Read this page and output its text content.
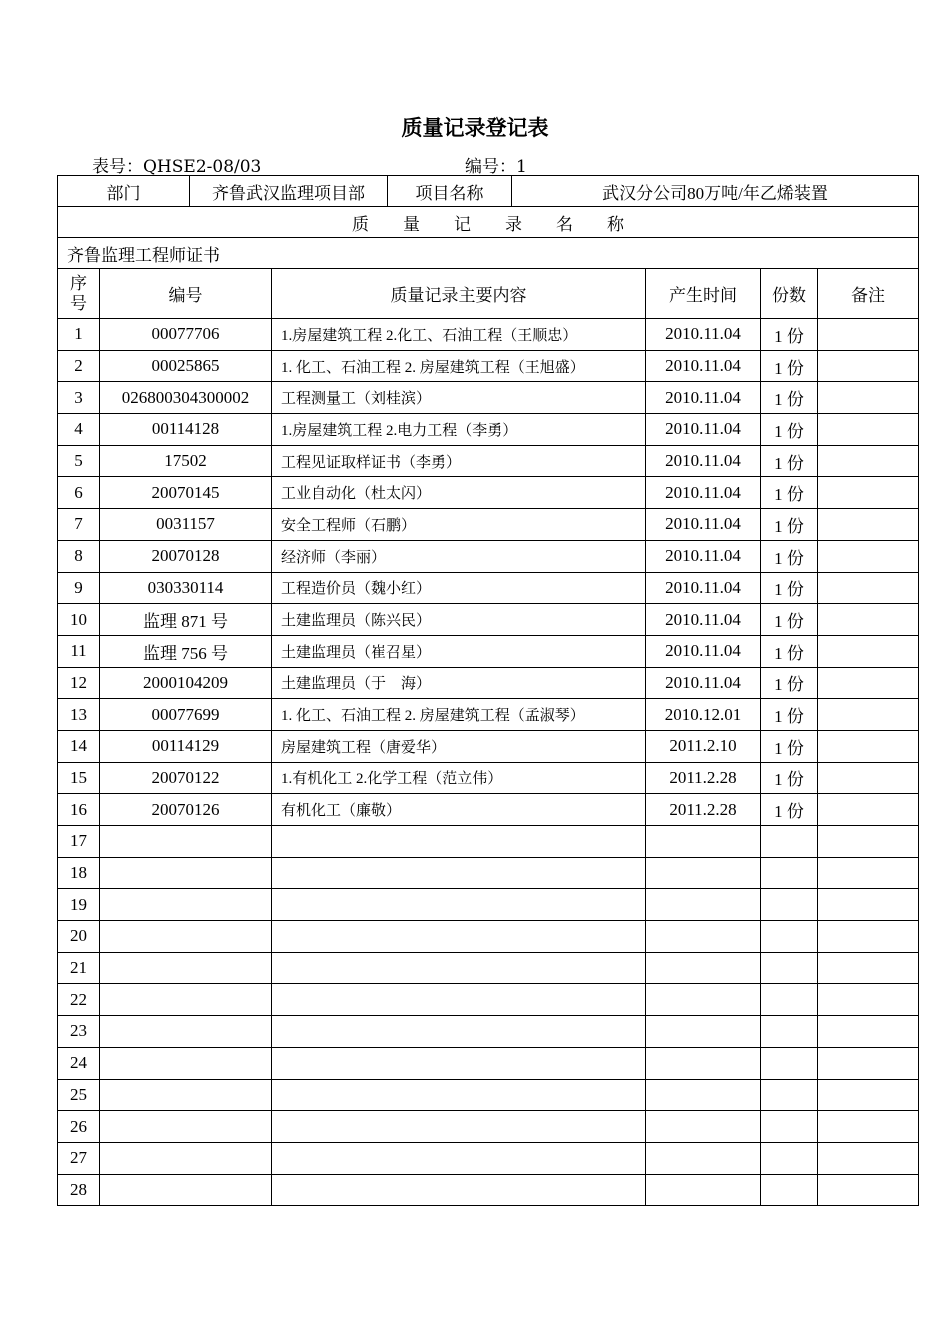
质量记录登记表
表号：QHSE2-08/03	编号：1
部门		齐鲁武汉监理项目部		项目名称	武汉分公司80万吨/年乙烯装置			
质　　量　　记　　录　　名　　称								
齐鲁监理工程师证书								

序
号	编号		质量记录主要内容			产生时间	份数	备注
1	00077706		1.房屋建筑工程 2.化工、石油工程（王顺忠）			2010.11.04	1 份	
2	00025865		1. 化工、石油工程 2. 房屋建筑工程（王旭盛）			2010.11.04	1 份	
3	026800304300002		工程测量工（刘桂滨）			2010.11.04	1 份	
4	00114128		1.房屋建筑工程 2.电力工程（李勇）			2010.11.04	1 份	
5	17502		工程见证取样证书（李勇）			2010.11.04	1 份	
6	20070145		工业自动化（杜太闪）			2010.11.04	1 份	
7	0031157		安全工程师（石鹏）			2010.11.04	1 份	
8	20070128		经济师（李丽）			2010.11.04	1 份	
9	030330114		工程造价员（魏小红）			2010.11.04	1 份	
10	监理 871 号		土建监理员（陈兴民）			2010.11.04	1 份	
11	监理 756 号		土建监理员（崔召星）			2010.11.04	1 份	
12	2000104209		土建监理员（于　海）			2010.11.04	1 份	
13	00077699		1. 化工、石油工程 2. 房屋建筑工程（孟淑琴）			2010.12.01	1 份	
14	00114129		房屋建筑工程（唐爱华）			2011.2.10	1 份	
15	20070122		1.有机化工 2.化学工程（范立伟）			2011.2.28	1 份	
16	20070126		有机化工（廉敬）			2011.2.28	1 份	
17								
18								
19								
20								
21								
22								
23								
24								
25								
26								
27								
28								
